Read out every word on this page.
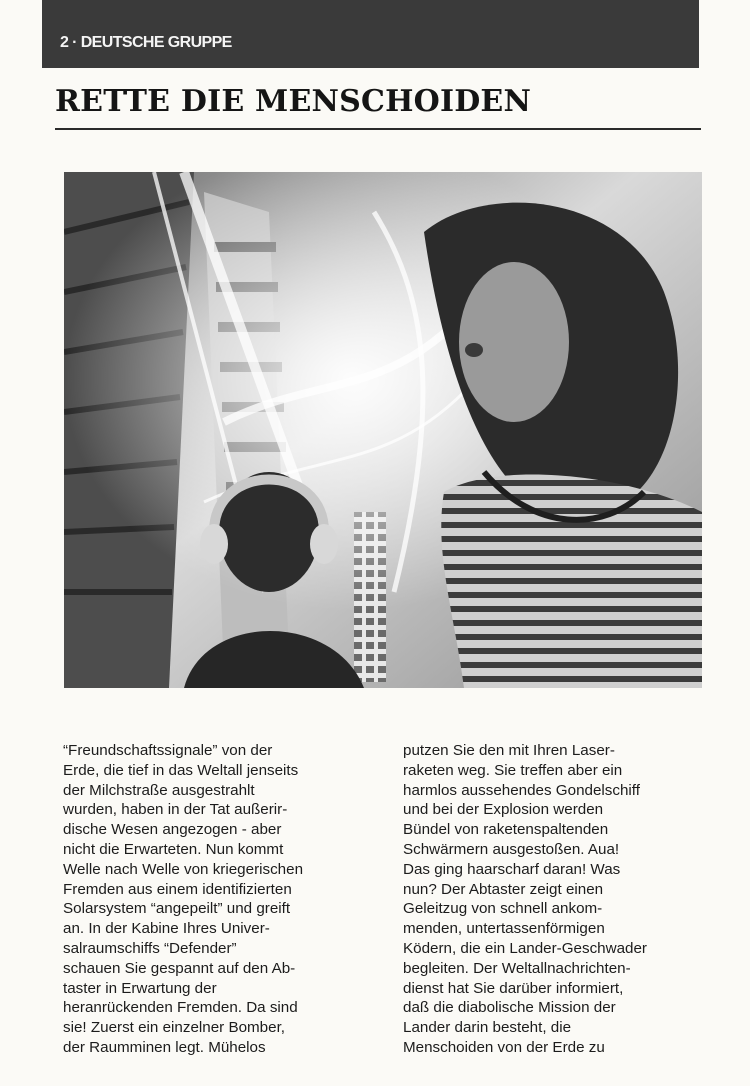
2 · DEUTSCHE GRUPPE
RETTE DIE MENSCHOIDEN
“Freundschaftssignale” von der
Erde, die tief in das Weltall jenseits
der Milchstraße ausgestrahlt
wurden, haben in der Tat außerir-
dische Wesen angezogen - aber
nicht die Erwarteten. Nun kommt
Welle nach Welle von kriegerischen
Fremden aus einem identifizierten
Solarsystem “angepeilt” und greift
an. In der Kabine Ihres Univer-
salraumschiffs “Defender”
schauen Sie gespannt auf den Ab-
taster in Erwartung der
heranrückenden Fremden. Da sind
sie! Zuerst ein einzelner Bomber,
der Raumminen legt. Mühelos
putzen Sie den mit Ihren Laser-
raketen weg. Sie treffen aber ein
harmlos aussehendes Gondelschiff
und bei der Explosion werden
Bündel von raketenspaltenden
Schwärmern ausgestoßen. Aua!
Das ging haarscharf daran! Was
nun? Der Abtaster zeigt einen
Geleitzug von schnell ankom-
menden, untertassenförmigen
Ködern, die ein Lander-Geschwader
begleiten. Der Weltallnachrichten-
dienst hat Sie darüber informiert,
daß die diabolische Mission der
Lander darin besteht, die
Menschoiden von der Erde zu
